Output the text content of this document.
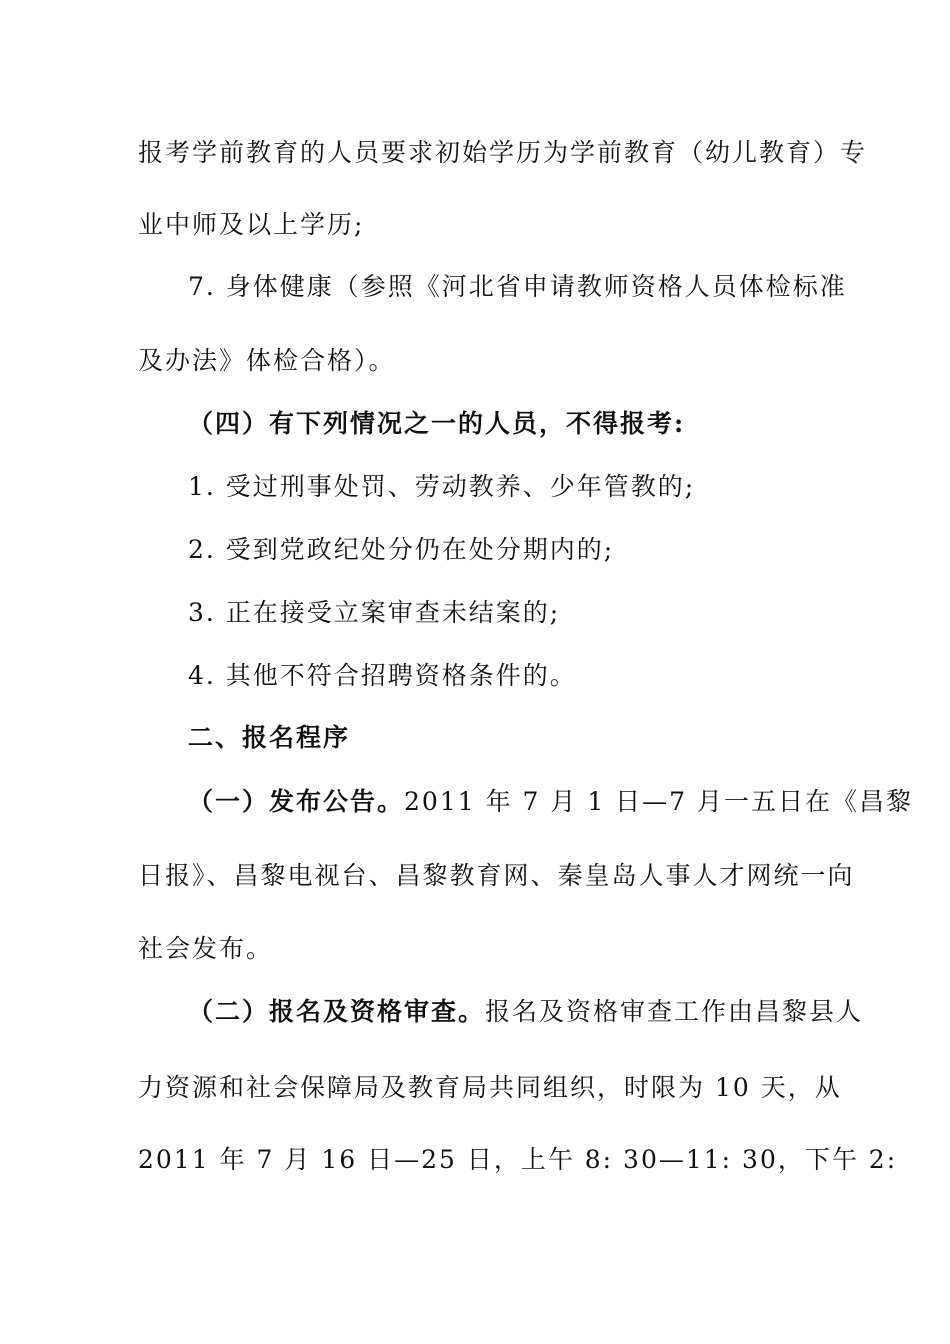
报考学前教育的人员要求初始学历为学前教育（幼儿教育）专
业中师及以上学历;
7. 身体健康（参照《河北省申请教师资格人员体检标准
及办法》体检合格）。
（四）有下列情况之一的人员，不得报考:
1. 受过刑事处罚、劳动教养、少年管教的;
2. 受到党政纪处分仍在处分期内的;
3. 正在接受立案审查未结案的;
4. 其他不符合招聘资格条件的。
二、报名程序
（一）发布公告。2011 年 7 月 1 日—7 月一五日在《昌黎
日报》、昌黎电视台、昌黎教育网、秦皇岛人事人才网统一向
社会发布。
（二）报名及资格审查。报名及资格审查工作由昌黎县人
力资源和社会保障局及教育局共同组织，时限为 10 天，从
2011 年 7 月 16 日—25 日，上午 8: 30—11: 30，下午 2:
